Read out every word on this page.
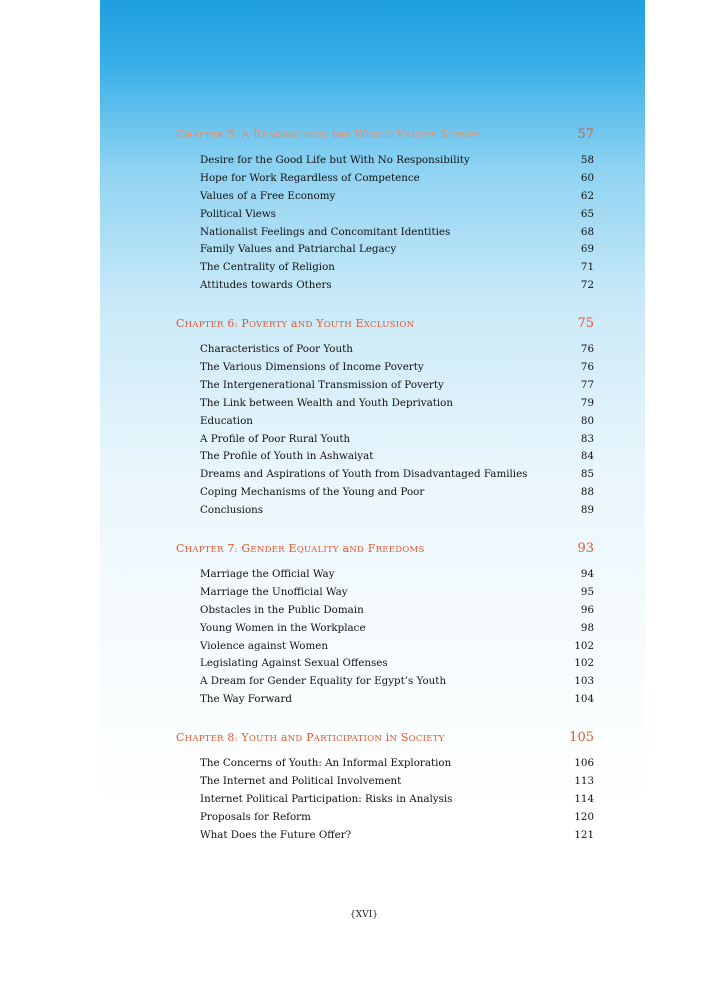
CHAPTER 5: A READING iNTO tHE WORLD VALUES SURVEY	57
Desire for the Good Life but With No Responsibility	58
Hope for Work Regardless of Competence	60
Values of a Free Economy	62
Political Views	65
Nationalist Feelings and Concomitant Identities	68
Family Values and Patriarchal Legacy	69
The Centrality of Religion	71
Attitudes towards Others	72
CHAPTER 6: POVERTY aND YOUTH EXCLUSION	75
Characteristics of Poor Youth	76
The Various Dimensions of Income Poverty	76
The Intergenerational Transmission of Poverty	77
The Link between Wealth and Youth Deprivation	79
Education	80
A Profile of Poor Rural Youth	83
The Profile of Youth in Ashwaiyat	84
Dreams and Aspirations of Youth from Disadvantaged Families	85
Coping Mechanisms of the Young and Poor	88
Conclusions	89
CHAPTER 7: GENDER EQUALITY aND FREEDOMS	93
Marriage the Official Way	94
Marriage the Unofficial Way	95
Obstacles in the Public Domain	96
Young Women in the Workplace	98
Violence against Women	102
Legislating Against Sexual Offenses	102
A Dream for Gender Equality for Egypt’s Youth	103
The Way Forward	104
CHAPTER 8: YOUTH aND PARTICIPATION iN SOCIETY	105
The Concerns of Youth: An Informal Exploration	106
The Internet and Political Involvement	113
Internet Political Participation: Risks in Analysis	114
Proposals for Reform	120
What Does the Future Offer?	121
{XVI}
